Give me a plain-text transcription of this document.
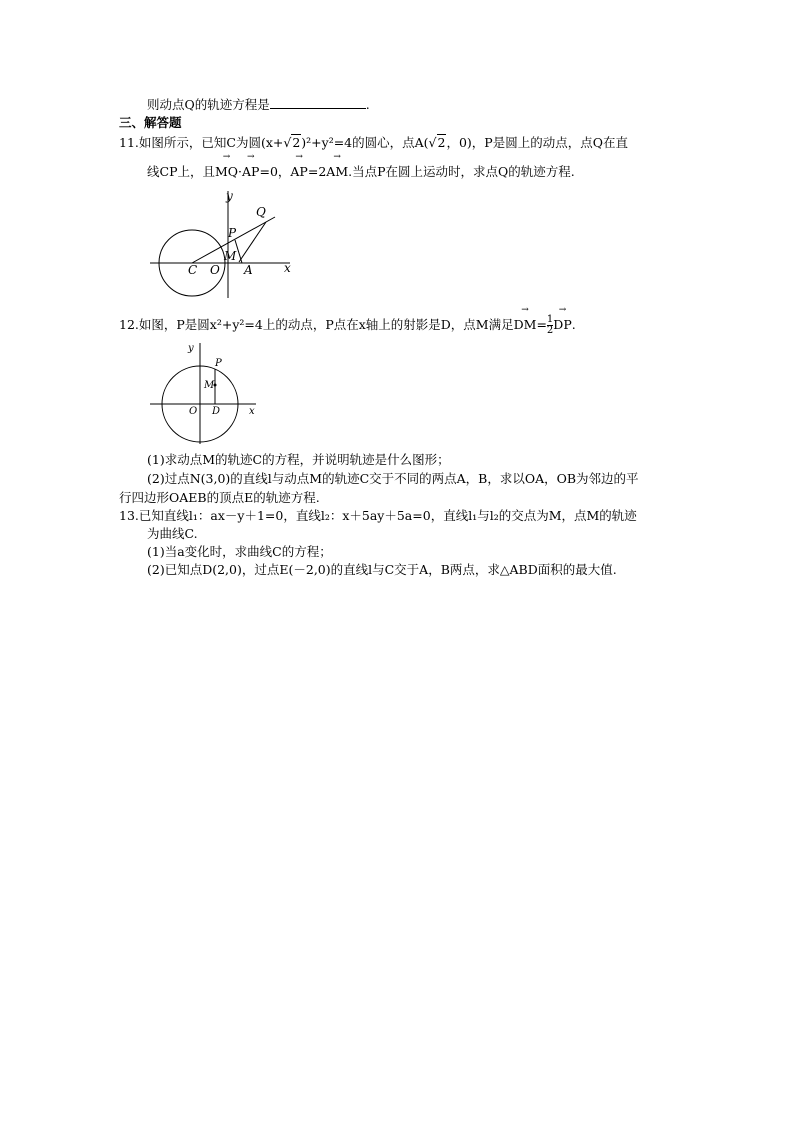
则动点Q的轨迹方程是	.
三、解答题
11.如图所示，已知C为圆(x+√2)²+y²=4的圆心，点A(√2，0)，P是圆上的动点，点Q在直
线CP上，且→ MQ·→ AP=0，→ AP=2→ AM.当点P在圆上运动时，求点Q的轨迹方程.
y
x
Q
P
M
C O A
12.如图，P是圆x²+y²=4上的动点，P点在x轴上的射影是D，点M满足→ $DM= \frac{1}{2}$
→ DP.
y
x
P
M
O D
(1)求动点M的轨迹C的方程，并说明轨迹是什么图形；
(2)过点N(3,0)的直线l与动点M的轨迹C交于不同的两点A，B，求以OA，OB为邻边的平
行四边形OAEB的顶点E的轨迹方程.
13.已知直线l₁：ax－y＋1=0，直线l₂：x＋5ay＋5a=0，直线l₁与l₂的交点为M，点M的轨迹
为曲线C.
(1)当a变化时，求曲线C的方程；
(2)已知点D(2,0)，过点E(－2,0)的直线l与C交于A，B两点，求△ABD面积的最大值.
